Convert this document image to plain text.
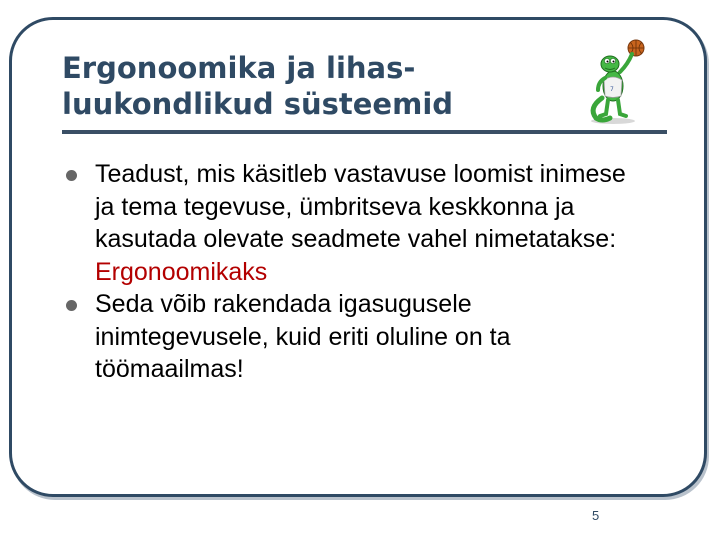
Ergonoomika ja lihas-
luukondlikud süsteemid	7
Teadust, mis käsitleb vastavuse loomist inimese ja tema tegevuse, ümbritseva keskkonna ja kasutada olevate seadmete vahel nimetatakse:
Ergonoomikaks
Seda võib rakendada igasugusele inimtegevusele, kuid eriti oluline on ta töömaailmas!
5
